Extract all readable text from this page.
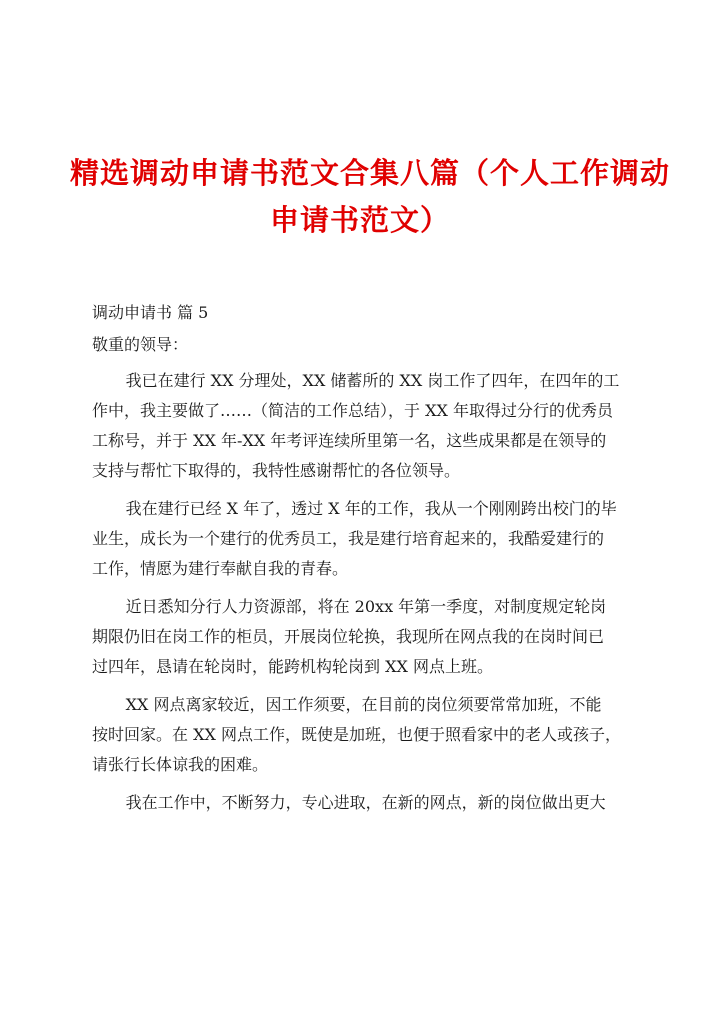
精选调动申请书范文合集八篇（个人工作调动
申请书范文）
调动申请书 篇 5
敬重的领导：
我已在建行 XX 分理处，XX 储蓄所的 XX 岗工作了四年，在四年的工
作中，我主要做了……（简洁的工作总结），于 XX 年取得过分行的优秀员
工称号，并于 XX 年-XX 年考评连续所里第一名，这些成果都是在领导的
支持与帮忙下取得的，我特性感谢帮忙的各位领导。
我在建行已经 X 年了，透过 X 年的工作，我从一个刚刚跨出校门的毕
业生，成长为一个建行的优秀员工，我是建行培育起来的，我酷爱建行的
工作，情愿为建行奉献自我的青春。
近日悉知分行人力资源部，将在 20xx 年第一季度，对制度规定轮岗
期限仍旧在岗工作的柜员，开展岗位轮换，我现所在网点我的在岗时间已
过四年，恳请在轮岗时，能跨机构轮岗到 XX 网点上班。
XX 网点离家较近，因工作须要，在目前的岗位须要常常加班，不能
按时回家。在 XX 网点工作，既使是加班，也便于照看家中的老人或孩子，
请张行长体谅我的困难。
我在工作中，不断努力，专心进取，在新的网点，新的岗位做出更大
